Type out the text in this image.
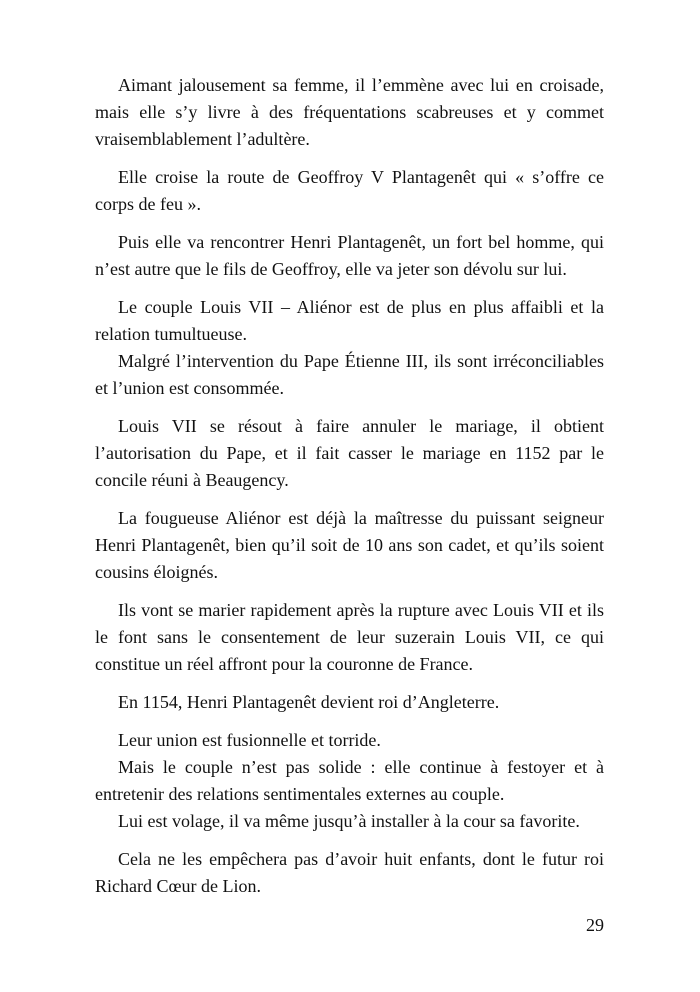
Aimant jalousement sa femme, il l’emmène avec lui en croisade,
mais elle s’y livre à des fréquentations scabreuses et y commet
vraisemblablement l’adultère.

Elle croise la route de Geoffroy V Plantagenêt qui « s’offre ce
corps de feu ».

Puis elle va rencontrer Henri Plantagenêt, un fort bel homme, qui
n’est autre que le fils de Geoffroy, elle va jeter son dévolu sur lui.

Le couple Louis VII – Aliénor est de plus en plus affaibli et la
relation tumultueuse.
Malgré l’intervention du Pape Étienne III, ils sont irréconciliables
et l’union est consommée.

Louis VII se résout à faire annuler le mariage, il obtient
l’autorisation du Pape, et il fait casser le mariage en 1152 par le
concile réuni à Beaugency.

La fougueuse Aliénor est déjà la maîtresse du puissant seigneur
Henri Plantagenêt, bien qu’il soit de 10 ans son cadet, et qu’ils soient
cousins éloignés.

Ils vont se marier rapidement après la rupture avec Louis VII et ils
le font sans le consentement de leur suzerain Louis VII, ce qui
constitue un réel affront pour la couronne de France.

En 1154, Henri Plantagenêt devient roi d’Angleterre.

Leur union est fusionnelle et torride.
Mais le couple n’est pas solide : elle continue à festoyer et à
entretenir des relations sentimentales externes au couple.
Lui est volage, il va même jusqu’à installer à la cour sa favorite.

Cela ne les empêchera pas d’avoir huit enfants, dont le futur roi
Richard Cœur de Lion.

29
